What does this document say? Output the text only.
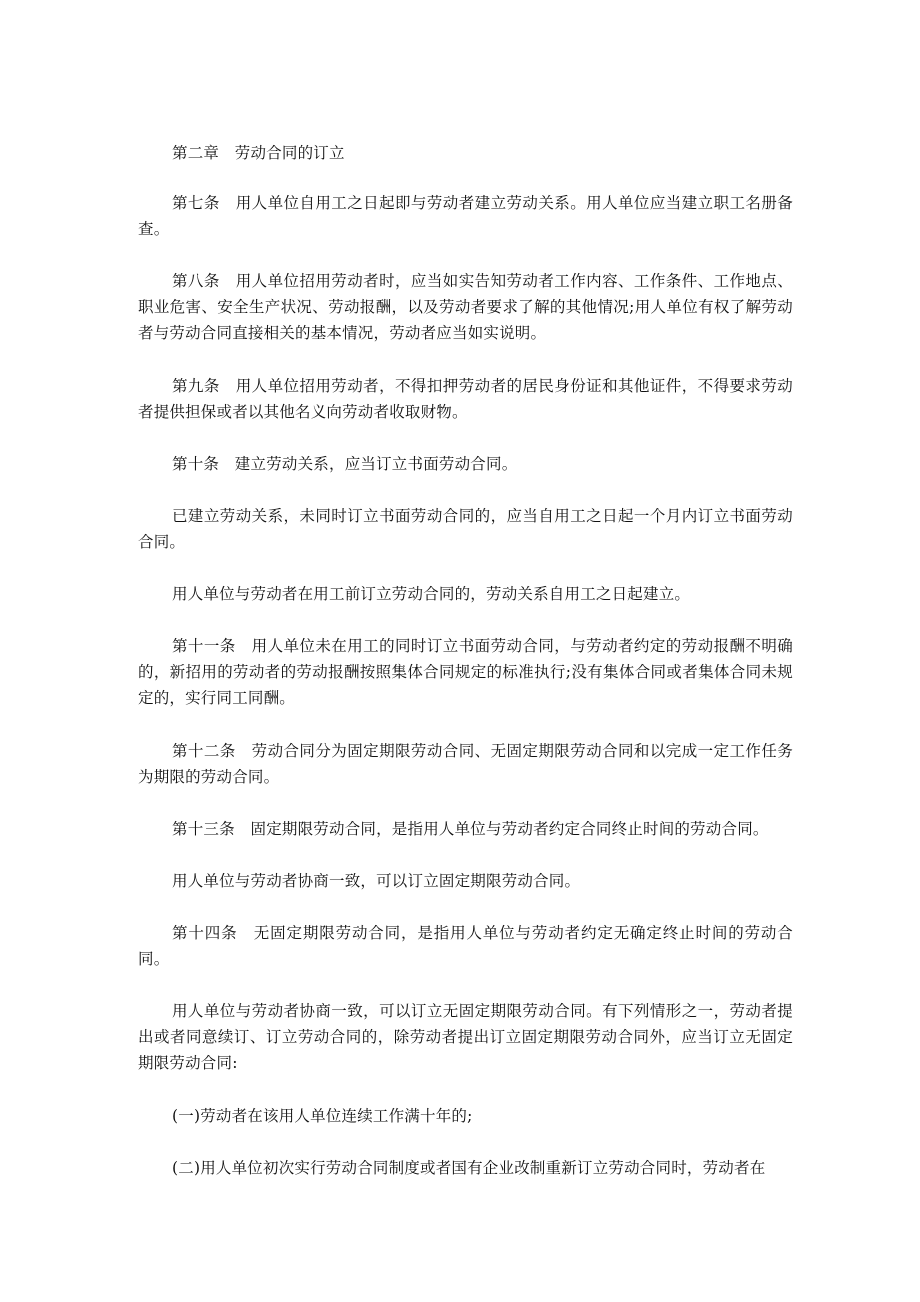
第二章　劳动合同的订立

第七条　用人单位自用工之日起即与劳动者建立劳动关系。用人单位应当建立职工名册备查。

第八条　用人单位招用劳动者时，应当如实告知劳动者工作内容、工作条件、工作地点、职业危害、安全生产状况、劳动报酬，以及劳动者要求了解的其他情况;用人单位有权了解劳动者与劳动合同直接相关的基本情况，劳动者应当如实说明。

第九条　用人单位招用劳动者，不得扣押劳动者的居民身份证和其他证件，不得要求劳动者提供担保或者以其他名义向劳动者收取财物。

第十条　建立劳动关系，应当订立书面劳动合同。

已建立劳动关系，未同时订立书面劳动合同的，应当自用工之日起一个月内订立书面劳动合同。

用人单位与劳动者在用工前订立劳动合同的，劳动关系自用工之日起建立。

第十一条　用人单位未在用工的同时订立书面劳动合同，与劳动者约定的劳动报酬不明确的，新招用的劳动者的劳动报酬按照集体合同规定的标准执行;没有集体合同或者集体合同未规定的，实行同工同酬。

第十二条　劳动合同分为固定期限劳动合同、无固定期限劳动合同和以完成一定工作任务为期限的劳动合同。

第十三条　固定期限劳动合同，是指用人单位与劳动者约定合同终止时间的劳动合同。

用人单位与劳动者协商一致，可以订立固定期限劳动合同。

第十四条　无固定期限劳动合同，是指用人单位与劳动者约定无确定终止时间的劳动合同。

用人单位与劳动者协商一致，可以订立无固定期限劳动合同。有下列情形之一，劳动者提出或者同意续订、订立劳动合同的，除劳动者提出订立固定期限劳动合同外，应当订立无固定期限劳动合同:

(一)劳动者在该用人单位连续工作满十年的;

(二)用人单位初次实行劳动合同制度或者国有企业改制重新订立劳动合同时，劳动者在
